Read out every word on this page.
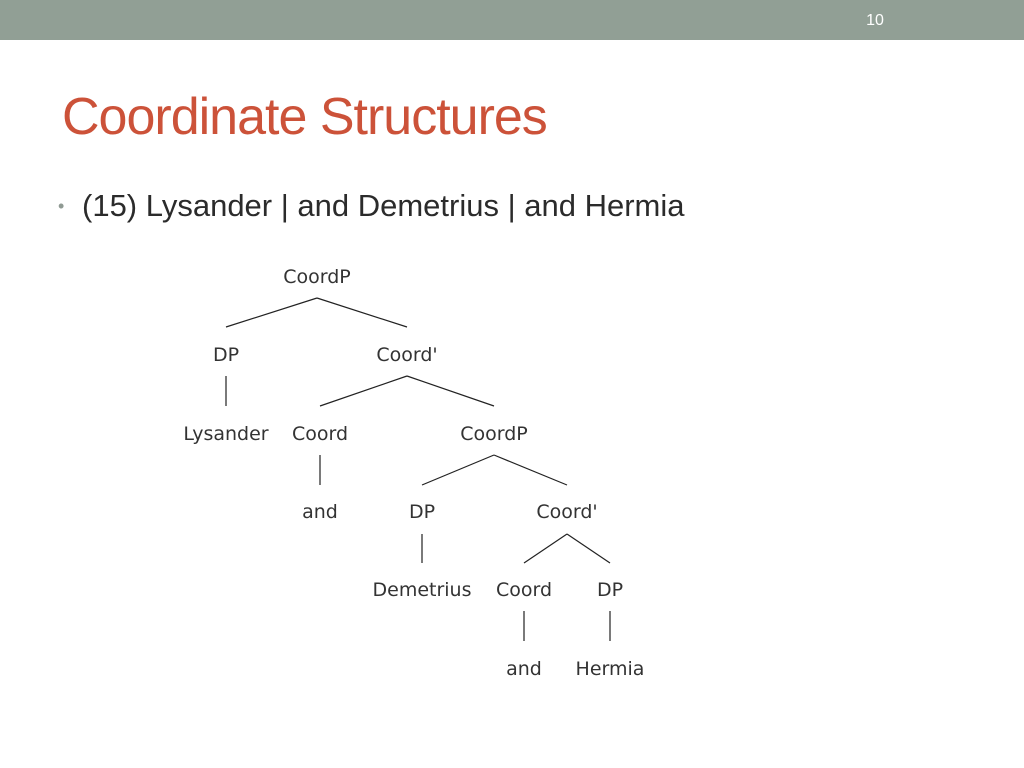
10
Coordinate Structures
• (15) Lysander | and Demetrius | and Hermia
CoordP
DP	Coord'
Lysander Coord	CoordP
and	DP	Coord'
Demetrius Coord DP
and Hermia
